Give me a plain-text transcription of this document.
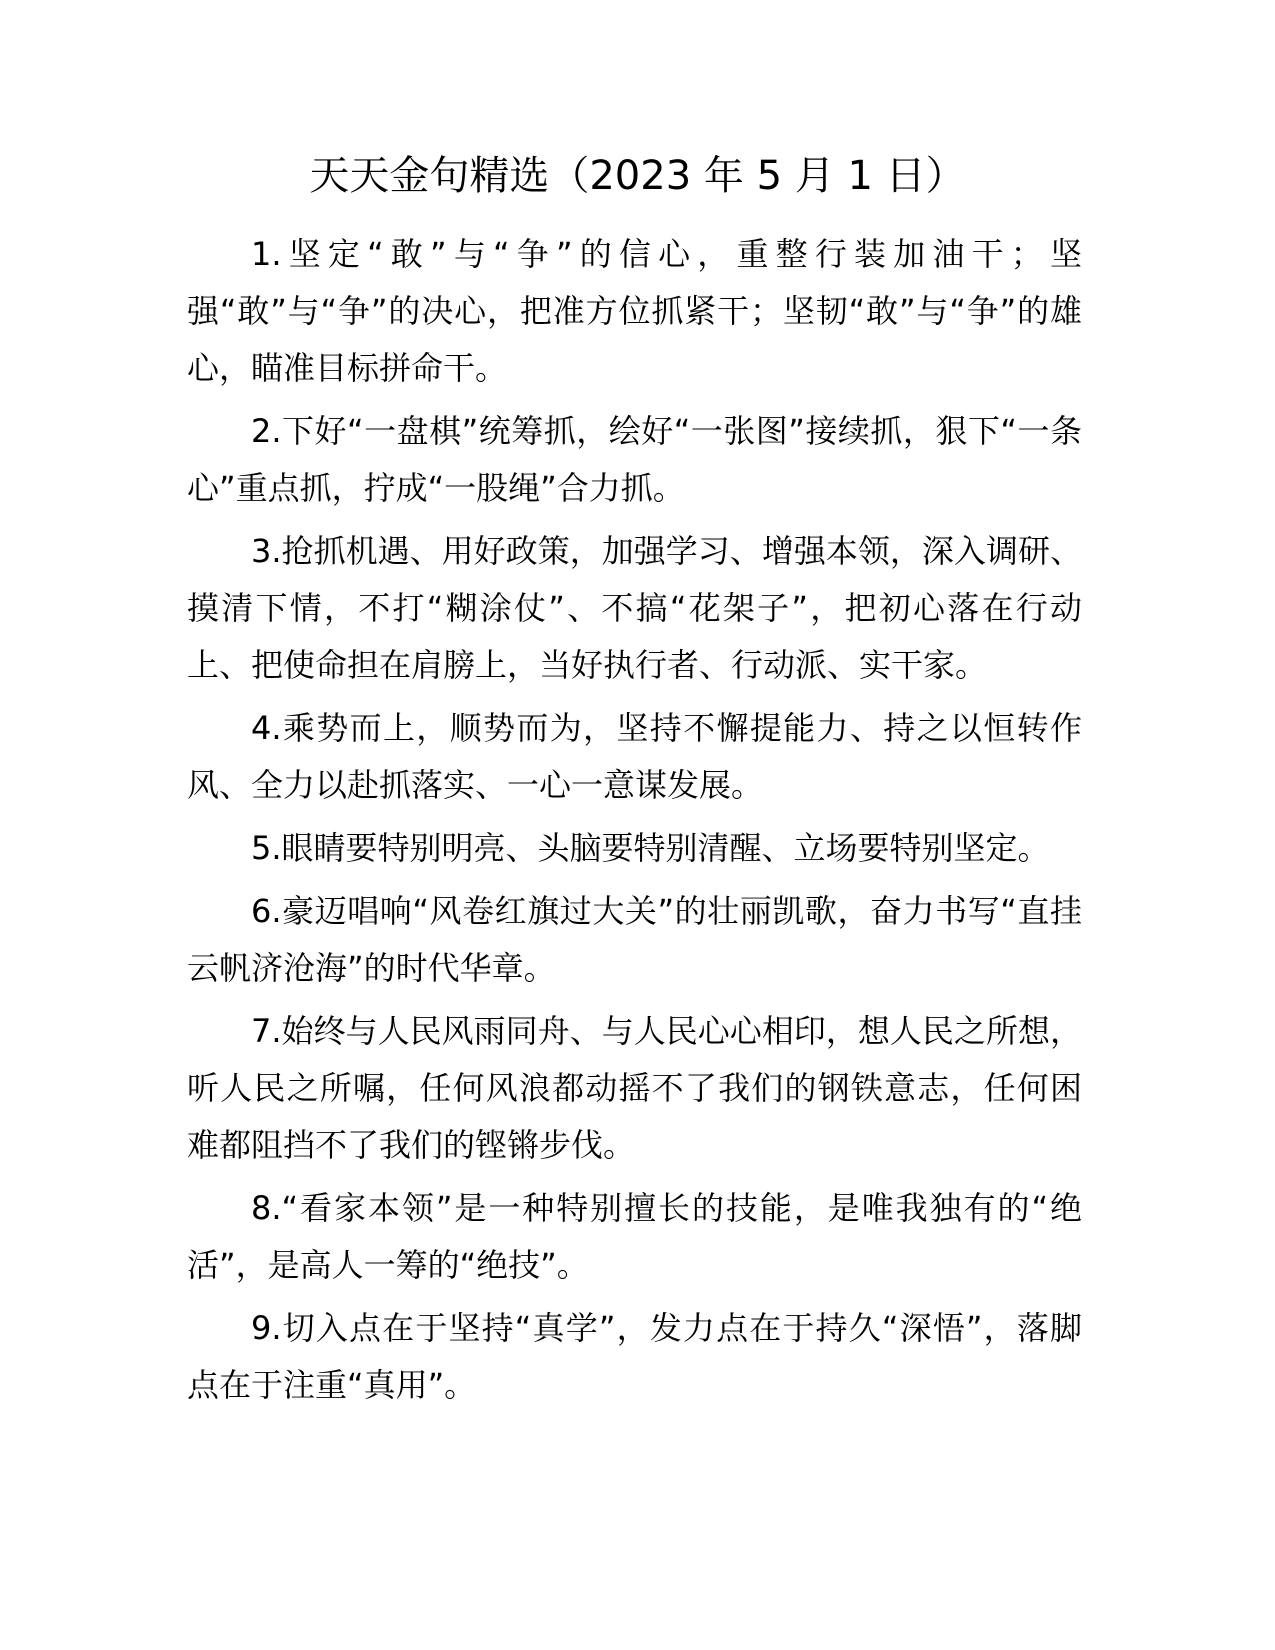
天天金句精选（2023 年 5 月 1 日）

1.坚定“敢”与“争”的信心，重整行装加油干；坚强“敢”与“争”的决心，把准方位抓紧干；坚韧“敢”与“争”的雄心，瞄准目标拼命干。

2.下好“一盘棋”统筹抓，绘好“一张图”接续抓，狠下“一条心”重点抓，拧成“一股绳”合力抓。

3.抢抓机遇、用好政策，加强学习、增强本领，深入调研、摸清下情，不打“糊涂仗”、不搞“花架子”，把初心落在行动上、把使命担在肩膀上，当好执行者、行动派、实干家。

4.乘势而上，顺势而为，坚持不懈提能力、持之以恒转作风、全力以赴抓落实、一心一意谋发展。

5.眼睛要特别明亮、头脑要特别清醒、立场要特别坚定。

6.豪迈唱响“风卷红旗过大关”的壮丽凯歌，奋力书写“直挂云帆济沧海”的时代华章。

7.始终与人民风雨同舟、与人民心心相印，想人民之所想，听人民之所嘱，任何风浪都动摇不了我们的钢铁意志，任何困难都阻挡不了我们的铿锵步伐。

8.“看家本领”是一种特别擅长的技能，是唯我独有的“绝活”，是高人一筹的“绝技”。

9.切入点在于坚持“真学”，发力点在于持久“深悟”，落脚点在于注重“真用”。
